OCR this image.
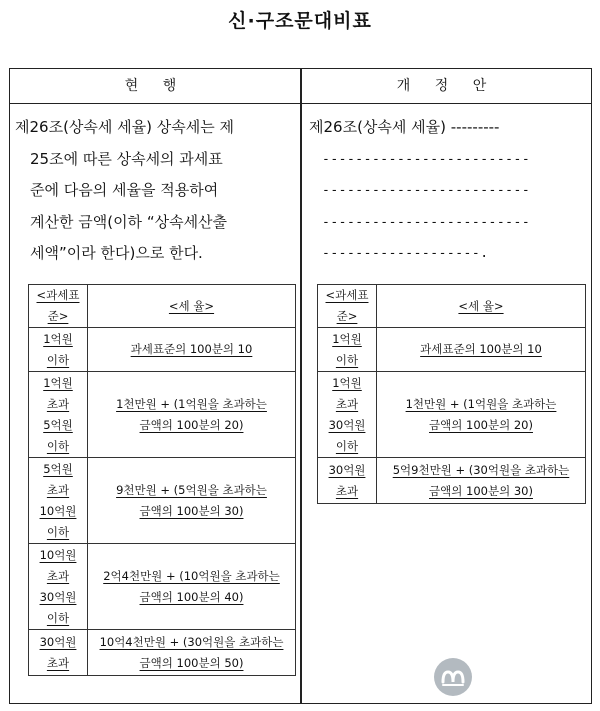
신·구조문대비표
현 행	개 정 안
제26조(상속세 세율) 상속세는 제
25조에 따른 상속세의 과세표
준에 다음의 세율을 적용하여
계산한 금액(이하 “상속세산출
세액”이라 한다)으로 한다.
제26조(상속세 세율) ---------
-------------------------
-------------------------
-------------------------
-------------------.
<과세표
준>	<세 율>

1억원
이하	과세표준의 100분의 10

1억원
초과
5억원
이하	1천만원 + (1억원을 초과하는
금액의 100분의 20)

5억원
초과
10억원
이하	9천만원 + (5억원을 초과하는
금액의 100분의 30)

10억원
초과
30억원
이하	2억4천만원 + (10억원을 초과하는
금액의 100분의 40)

30억원
초과	10억4천만원 + (30억원을 초과하는
금액의 100분의 50)
<과세표
준>	<세 율>

1억원
이하	과세표준의 100분의 10

1억원
초과
30억원
이하	1천만원 + (1억원을 초과하는
금액의 100분의 20)

30억원
초과	5억9천만원 + (30억원을 초과하는
금액의 100분의 30)
